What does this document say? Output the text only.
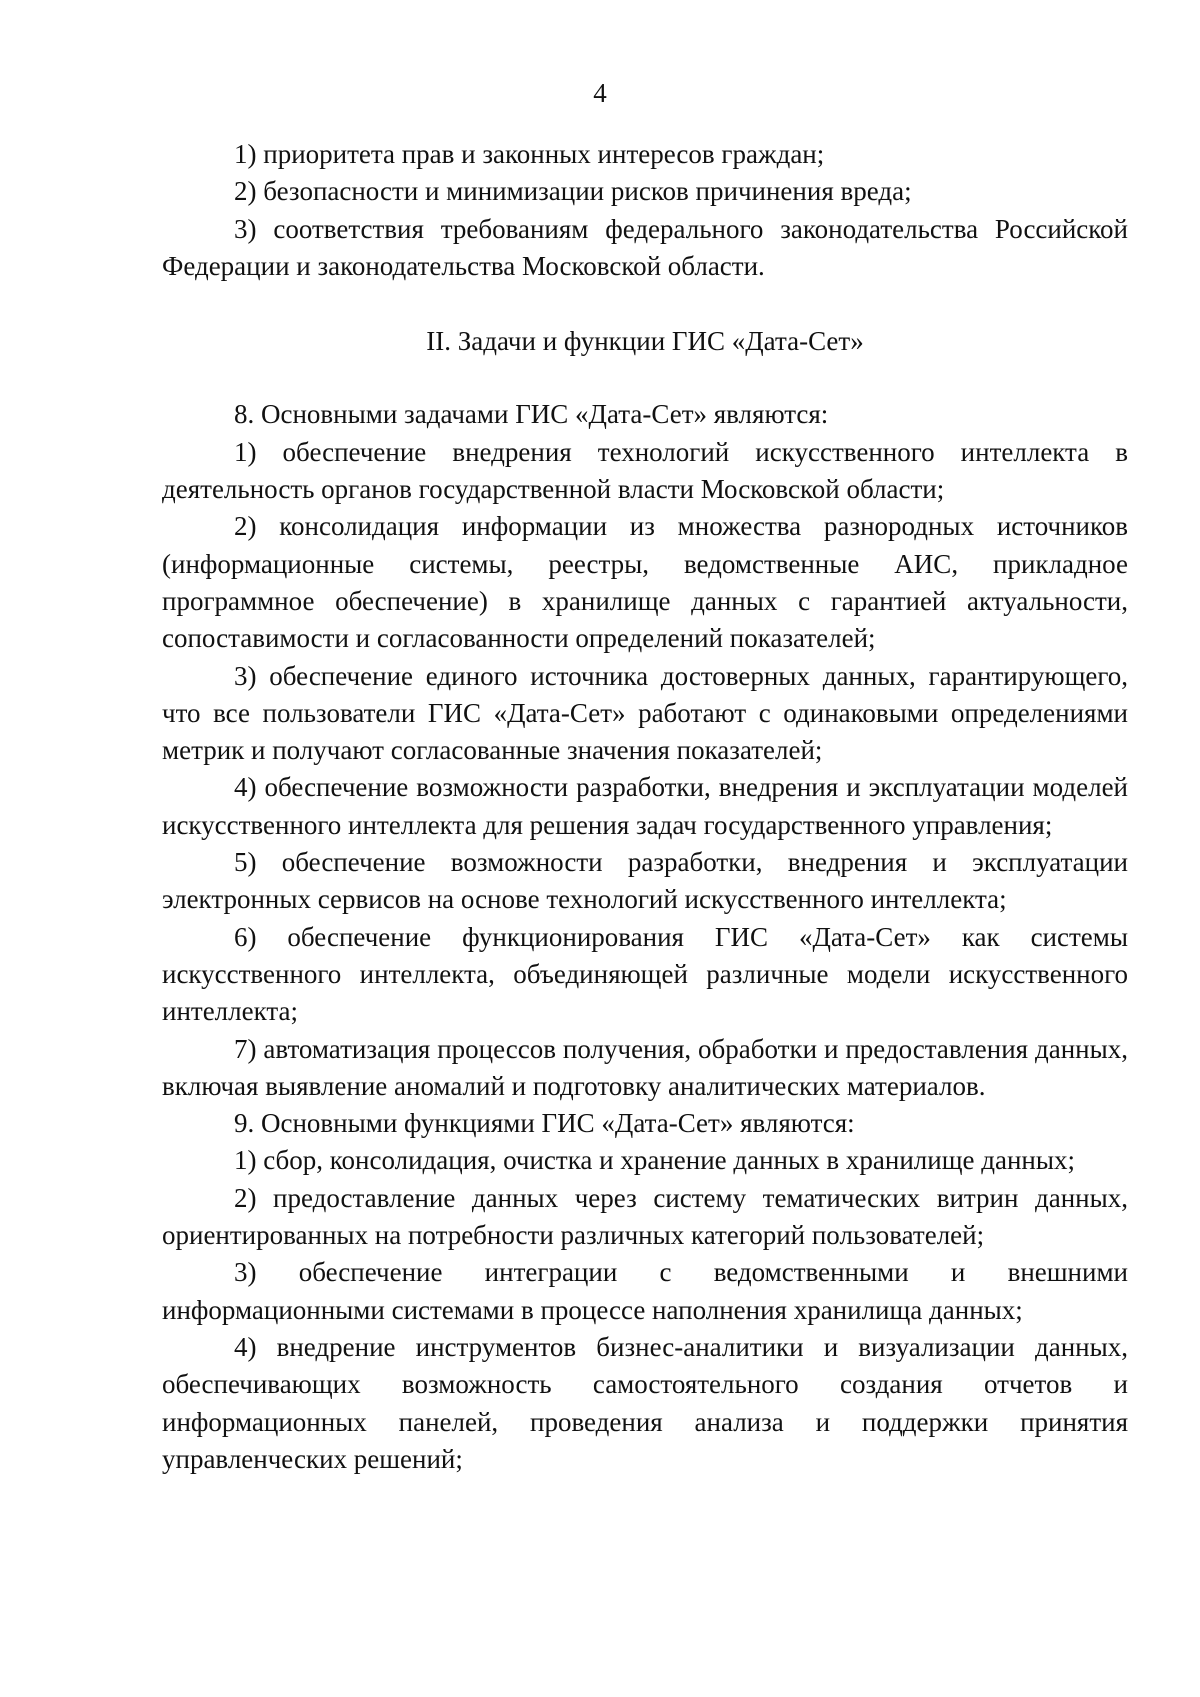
4

1) приоритета прав и законных интересов граждан;

2) безопасности и минимизации рисков причинения вреда;

3) соответствия требованиям федерального законодательства Российской Федерации и законодательства Московской области.

II. Задачи и функции ГИС «Дата-Сет»

8. Основными задачами ГИС «Дата-Сет» являются:

1) обеспечение внедрения технологий искусственного интеллекта в деятельность органов государственной власти Московской области;

2) консолидация информации из множества разнородных источников (информационные системы, реестры, ведомственные АИС, прикладное программное обеспечение) в хранилище данных с гарантией актуальности, сопоставимости и согласованности определений показателей;

3) обеспечение единого источника достоверных данных, гарантирующего, что все пользователи ГИС «Дата-Сет» работают с одинаковыми определениями метрик и получают согласованные значения показателей;

4) обеспечение возможности разработки, внедрения и эксплуатации моделей искусственного интеллекта для решения задач государственного управления;

5) обеспечение возможности разработки, внедрения и эксплуатации электронных сервисов на основе технологий искусственного интеллекта;

6) обеспечение функционирования ГИС «Дата-Сет» как системы искусственного интеллекта, объединяющей различные модели искусственного интеллекта;

7) автоматизация процессов получения, обработки и предоставления данных, включая выявление аномалий и подготовку аналитических материалов.

9. Основными функциями ГИС «Дата-Сет» являются:

1) сбор, консолидация, очистка и хранение данных в хранилище данных;

2) предоставление данных через систему тематических витрин данных, ориентированных на потребности различных категорий пользователей;

3) обеспечение интеграции с ведомственными и внешними информационными системами в процессе наполнения хранилища данных;

4) внедрение инструментов бизнес-аналитики и визуализации данных, обеспечивающих возможность самостоятельного создания отчетов и информационных панелей, проведения анализа и поддержки принятия управленческих решений;
